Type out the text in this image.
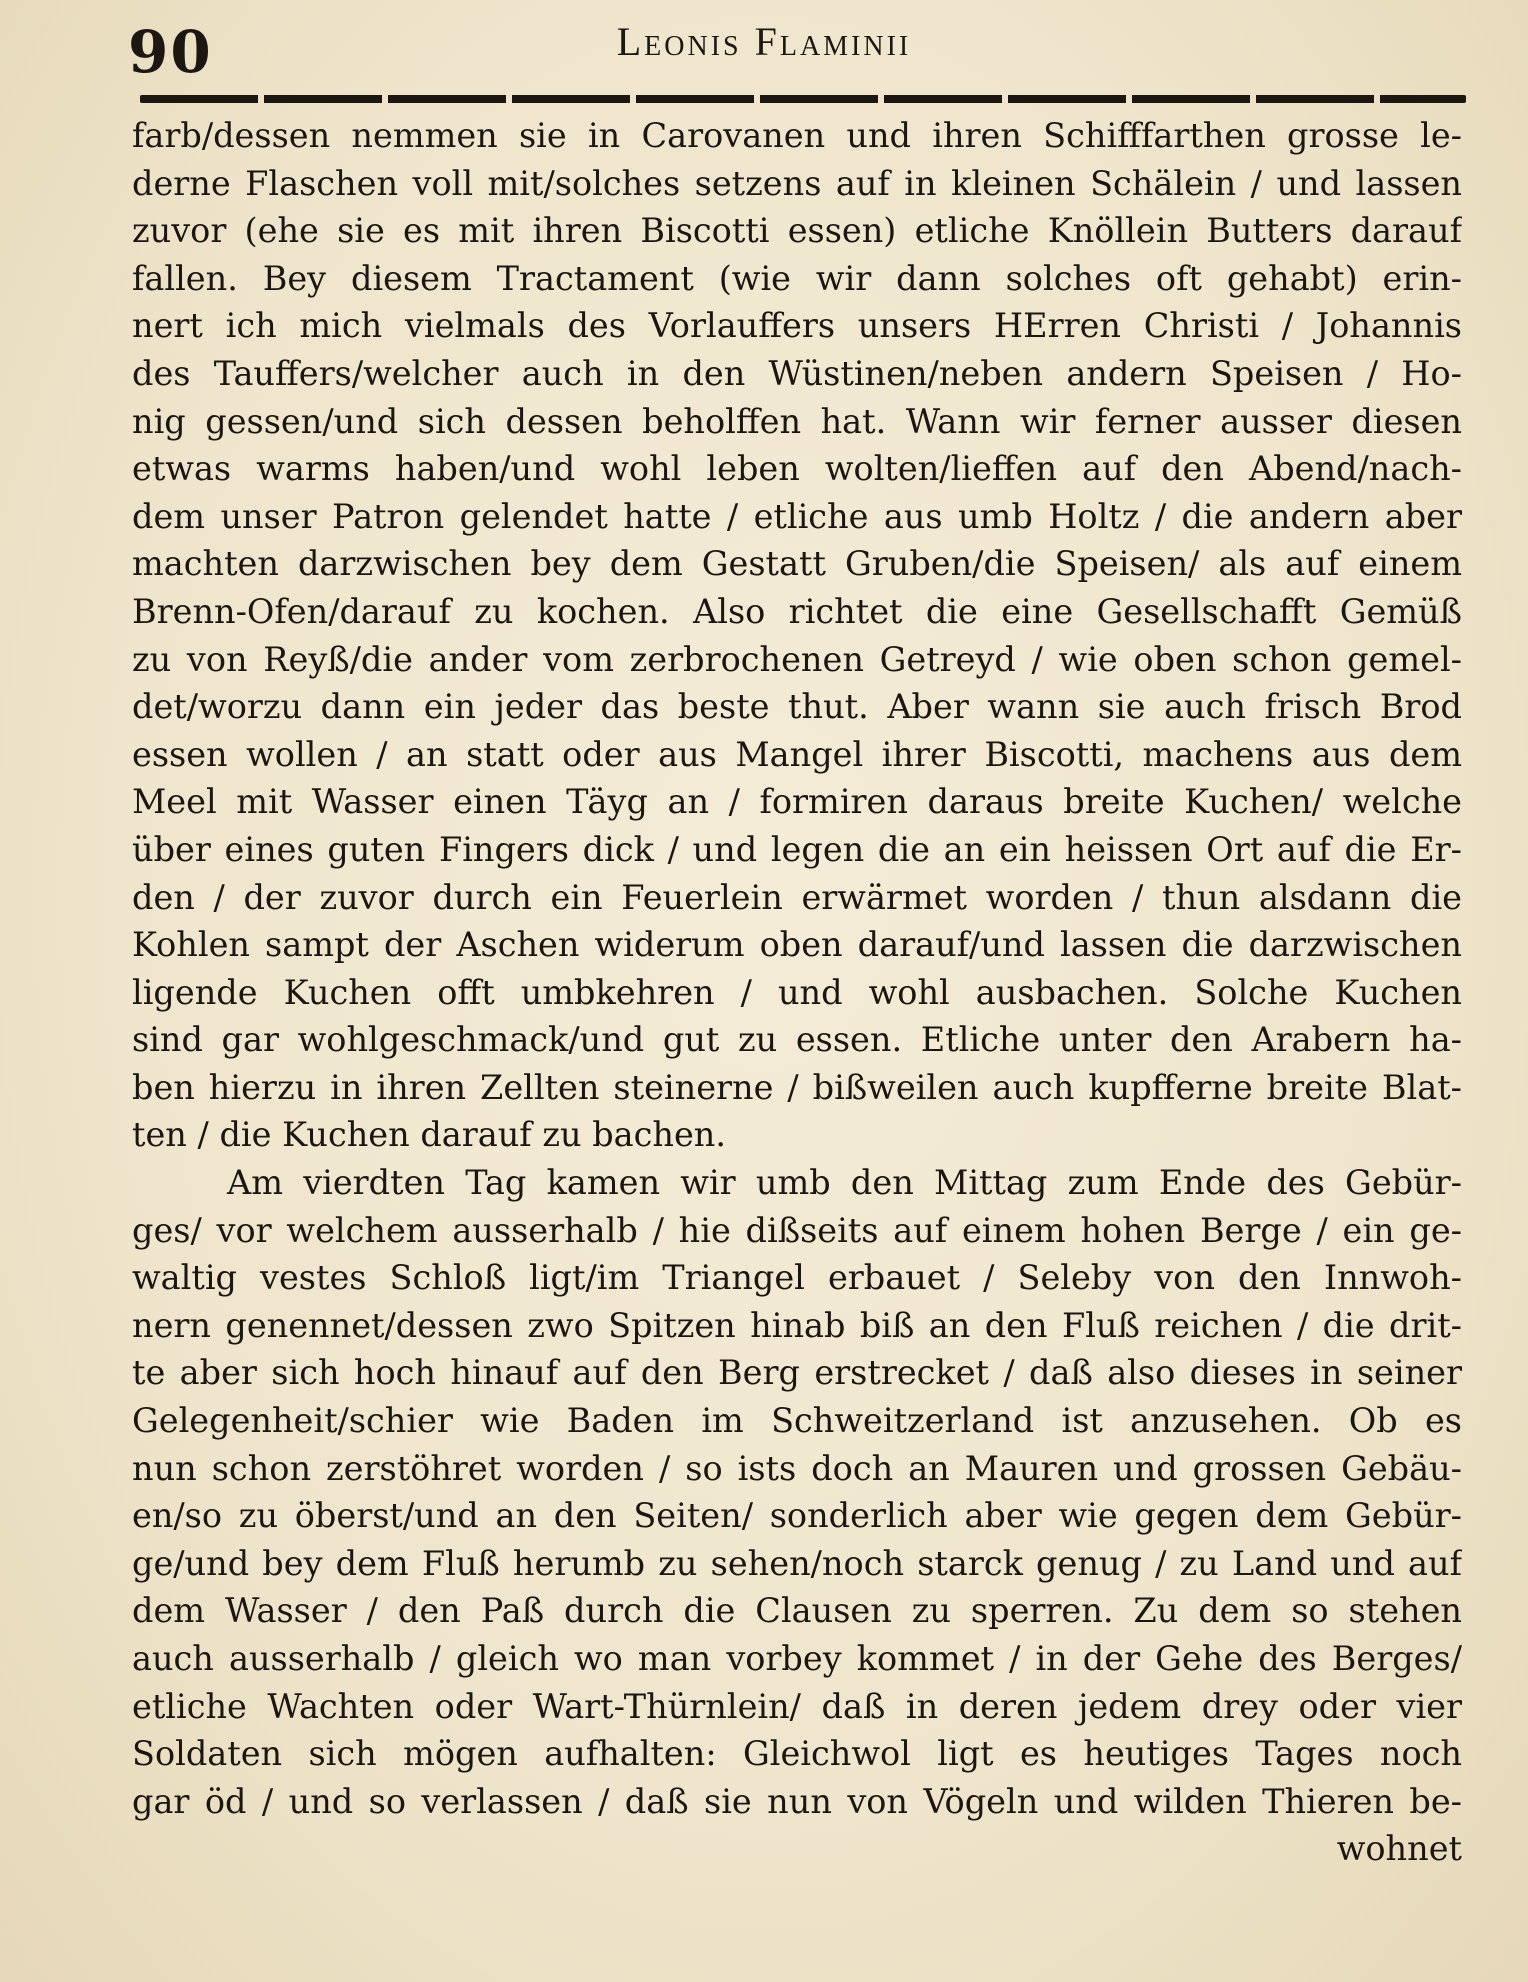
90	Leonis Flaminii
farb/dessen nemmen sie in Carovanen und ihren Schifffarthen grosse le-
derne Flaschen voll mit/solches setzens auf in kleinen Schälein / und lassen
zuvor (ehe sie es mit ihren Biscotti essen) etliche Knöllein Butters darauf
fallen. Bey diesem Tractament (wie wir dann solches oft gehabt) erin-
nert ich mich vielmals des Vorlauffers unsers HErren Christi / Johannis
des Tauffers/welcher auch in den Wüstinen/neben andern Speisen / Ho-
nig gessen/und sich dessen beholffen hat. Wann wir ferner ausser diesen
etwas warms haben/und wohl leben wolten/lieffen auf den Abend/nach-
dem unser Patron gelendet hatte / etliche aus umb Holtz / die andern aber
machten darzwischen bey dem Gestatt Gruben/die Speisen/ als auf einem
Brenn-Ofen/darauf zu kochen. Also richtet die eine Gesellschafft Gemüß
zu von Reyß/die ander vom zerbrochenen Getreyd / wie oben schon gemel-
det/worzu dann ein jeder das beste thut. Aber wann sie auch frisch Brod
essen wollen / an statt oder aus Mangel ihrer Biscotti, machens aus dem
Meel mit Wasser einen Täyg an / formiren daraus breite Kuchen/ welche
über eines guten Fingers dick / und legen die an ein heissen Ort auf die Er-
den / der zuvor durch ein Feuerlein erwärmet worden / thun alsdann die
Kohlen sampt der Aschen widerum oben darauf/und lassen die darzwischen
ligende Kuchen offt umbkehren / und wohl ausbachen. Solche Kuchen
sind gar wohlgeschmack/und gut zu essen. Etliche unter den Arabern ha-
ben hierzu in ihren Zellten steinerne / bißweilen auch kupfferne breite Blat-
ten / die Kuchen darauf zu bachen.
Am vierdten Tag kamen wir umb den Mittag zum Ende des Gebür-
ges/ vor welchem ausserhalb / hie dißseits auf einem hohen Berge / ein ge-
waltig vestes Schloß ligt/im Triangel erbauet / Seleby von den Innwoh-
nern genennet/dessen zwo Spitzen hinab biß an den Fluß reichen / die drit-
te aber sich hoch hinauf auf den Berg erstrecket / daß also dieses in seiner
Gelegenheit/schier wie Baden im Schweitzerland ist anzusehen. Ob es
nun schon zerstöhret worden / so ists doch an Mauren und grossen Gebäu-
en/so zu öberst/und an den Seiten/ sonderlich aber wie gegen dem Gebür-
ge/und bey dem Fluß herumb zu sehen/noch starck genug / zu Land und auf
dem Wasser / den Paß durch die Clausen zu sperren. Zu dem so stehen
auch ausserhalb / gleich wo man vorbey kommet / in der Gehe des Berges/
etliche Wachten oder Wart-Thürnlein/ daß in deren jedem drey oder vier
Soldaten sich mögen aufhalten: Gleichwol ligt es heutiges Tages noch
gar öd / und so verlassen / daß sie nun von Vögeln und wilden Thieren be-
wohnet
